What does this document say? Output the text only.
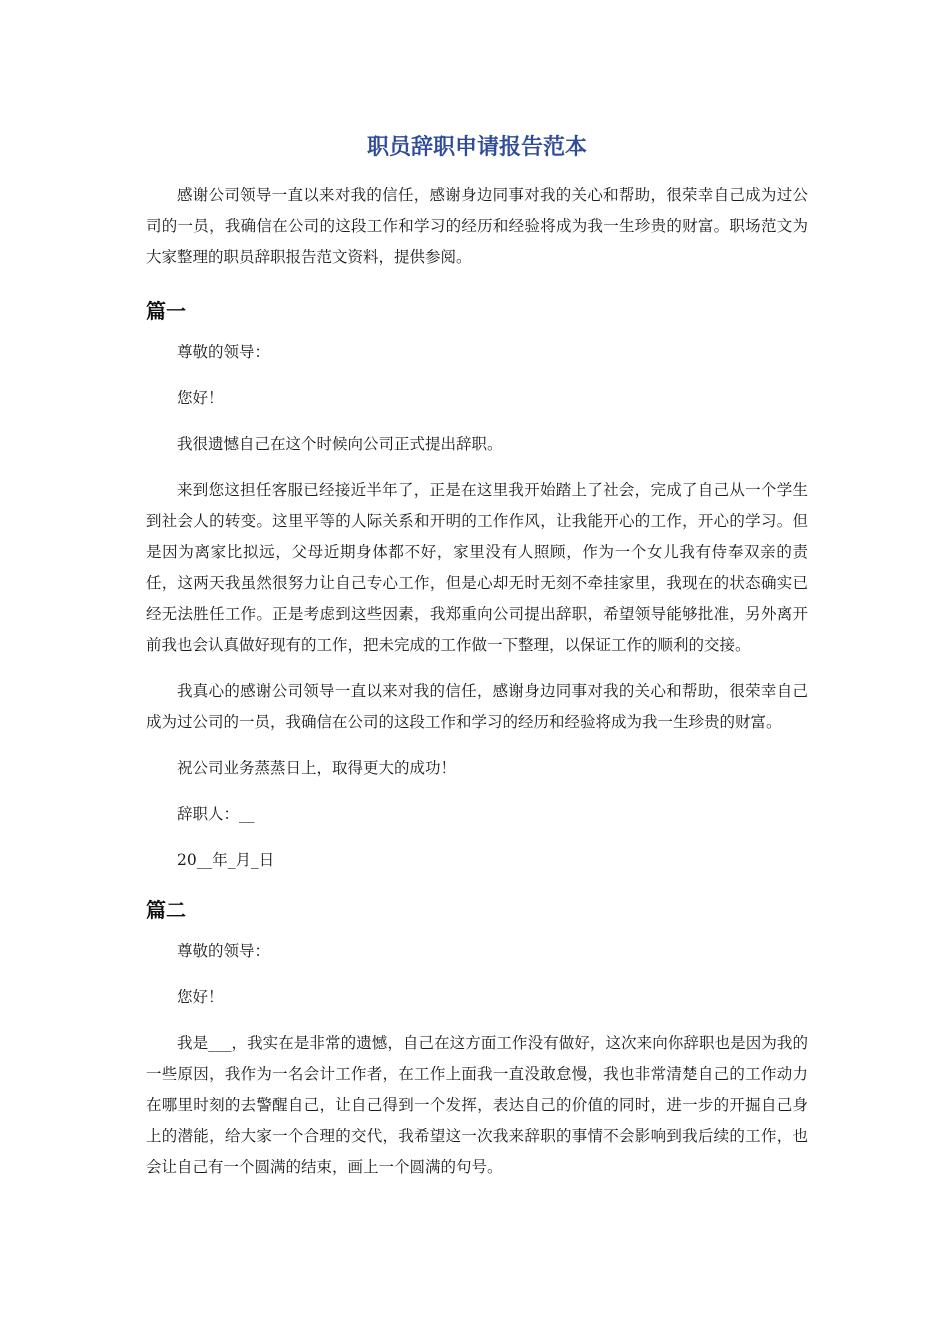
职员辞职申请报告范本

感谢公司领导一直以来对我的信任，感谢身边同事对我的关心和帮助，很荣幸自己成为过公司的一员，我确信在公司的这段工作和学习的经历和经验将成为我一生珍贵的财富。职场范文为大家整理的职员辞职报告范文资料，提供参阅。

篇一

尊敬的领导：

您好！

我很遗憾自己在这个时候向公司正式提出辞职。

来到您这担任客服已经接近半年了，正是在这里我开始踏上了社会，完成了自己从一个学生到社会人的转变。这里平等的人际关系和开明的工作作风，让我能开心的工作，开心的学习。但是因为离家比拟远，父母近期身体都不好，家里没有人照顾，作为一个女儿我有侍奉双亲的责任，这两天我虽然很努力让自己专心工作，但是心却无时无刻不牵挂家里，我现在的状态确实已经无法胜任工作。正是考虑到这些因素，我郑重向公司提出辞职，希望领导能够批准，另外离开前我也会认真做好现有的工作，把未完成的工作做一下整理，以保证工作的顺利的交接。

我真心的感谢公司领导一直以来对我的信任，感谢身边同事对我的关心和帮助，很荣幸自己成为过公司的一员，我确信在公司的这段工作和学习的经历和经验将成为我一生珍贵的财富。

祝公司业务蒸蒸日上，取得更大的成功！

辞职人：__

20__年_月_日

篇二

尊敬的领导：

您好！

我是___，我实在是非常的遗憾，自己在这方面工作没有做好，这次来向你辞职也是因为我的一些原因，我作为一名会计工作者，在工作上面我一直没敢怠慢，我也非常清楚自己的工作动力在哪里时刻的去警醒自己，让自己得到一个发挥，表达自己的价值的同时，进一步的开掘自己身上的潜能，给大家一个合理的交代，我希望这一次我来辞职的事情不会影响到我后续的工作，也会让自己有一个圆满的结束，画上一个圆满的句号。
